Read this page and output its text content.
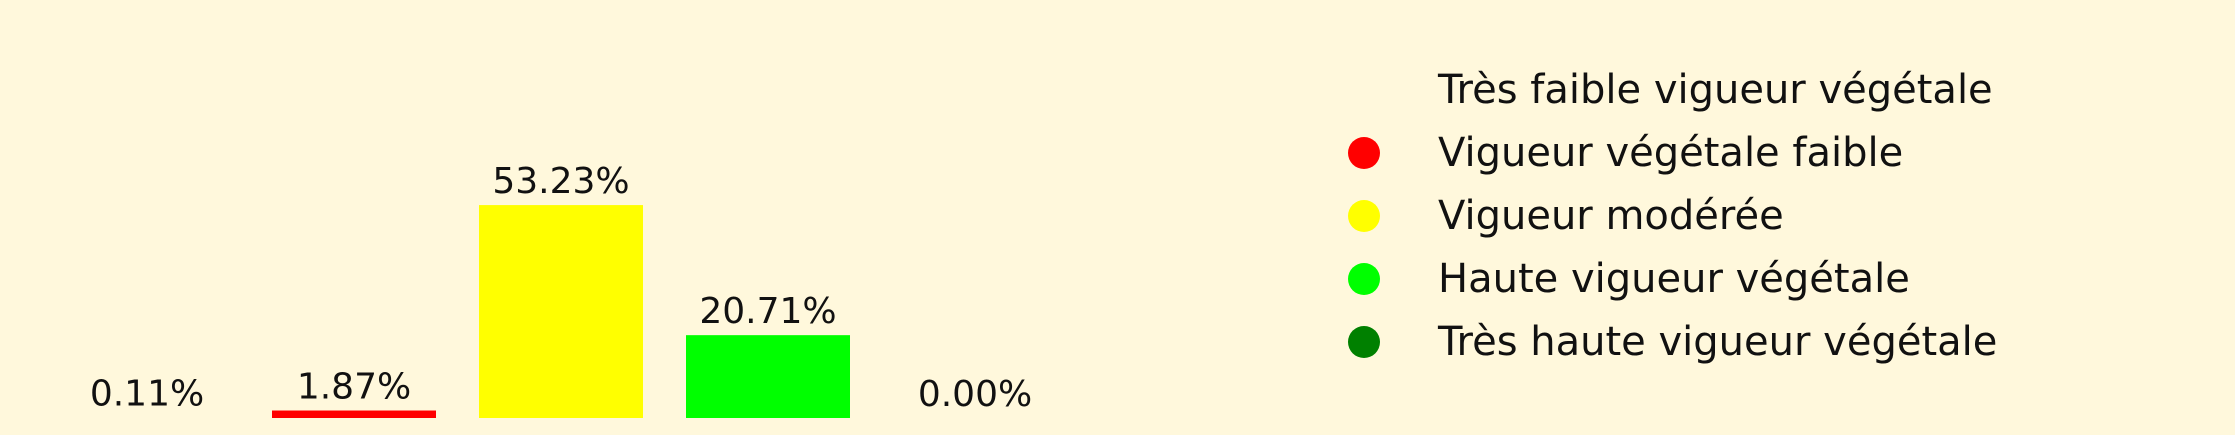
0.11%	1.87%
53.23%
20.71%
0.00%
Très faible vigueur végétale
Vigueur végétale faible
Vigueur modérée
Haute vigueur végétale
Très haute vigueur végétale
